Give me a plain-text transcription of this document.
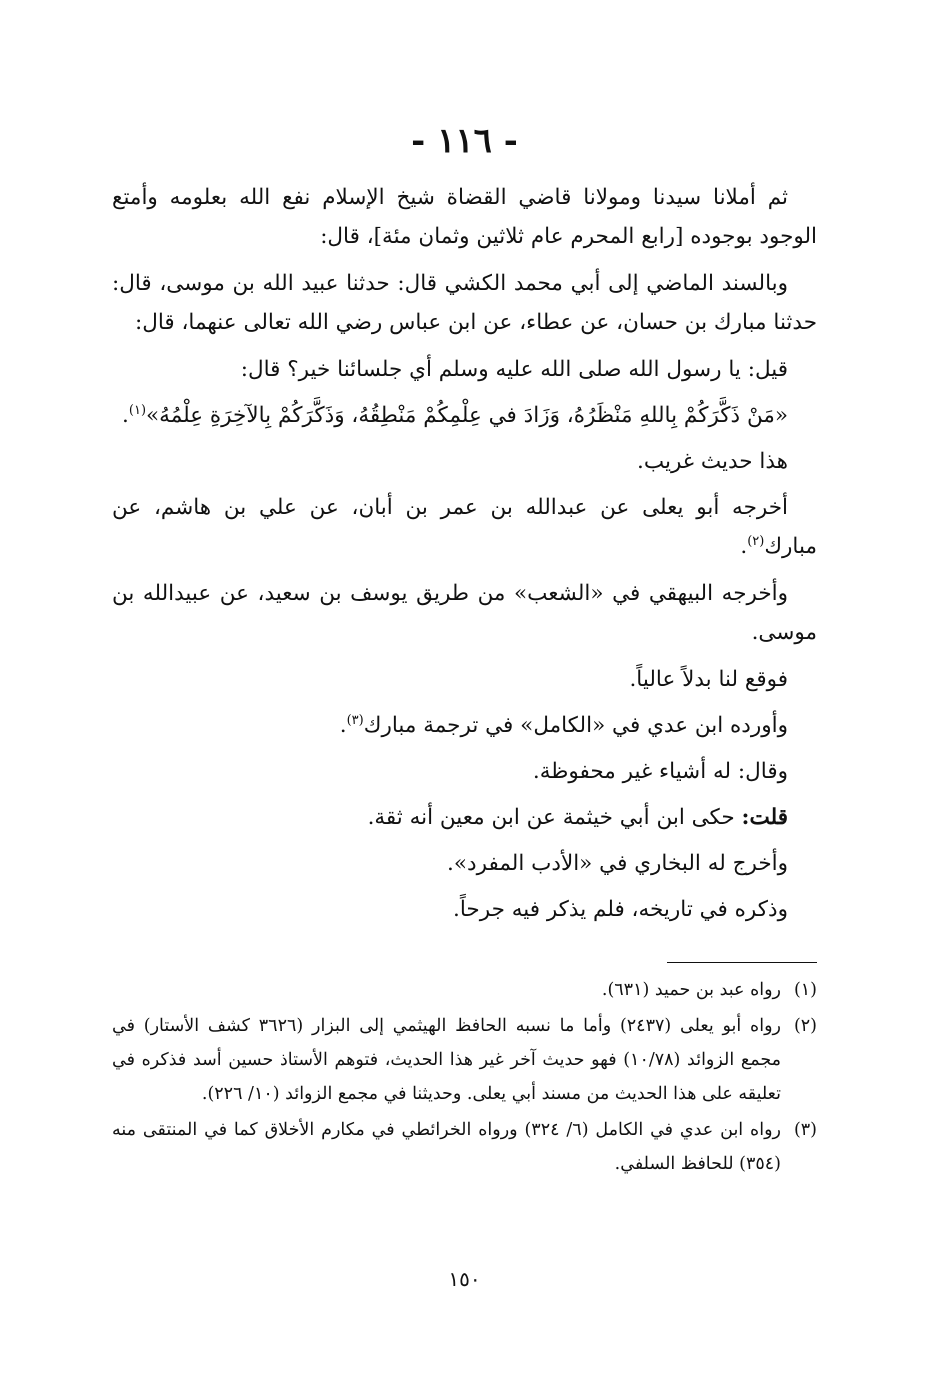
- ١١٦ -

ثم أملانا سيدنا ومولانا قاضي القضاة شيخ الإسلام نفع الله بعلومه وأمتع الوجود بوجوده [رابع المحرم عام ثلاثين وثمان مئة]، قال:

وبالسند الماضي إلى أبي محمد الكشي قال: حدثنا عبيد الله بن موسى، قال: حدثنا مبارك بن حسان، عن عطاء، عن ابن عباس رضي الله تعالى عنهما، قال:

قيل: يا رسول الله صلى الله عليه وسلم أي جلسائنا خير؟ قال:

«مَنْ ذَكَّرَكُمْ بِاللهِ مَنْظَرُهُ، وَزَادَ في عِلْمِكُمْ مَنْطِقُهُ، وَذَكَّرَكُمْ بِالآخِرَةِ عِلْمُهُ»$^{(١)}$.

هذا حديث غريب.

أخرجه أبو يعلى عن عبدالله بن عمر بن أبان، عن علي بن هاشم، عن مبارك$^{(٢)}$.

وأخرجه البيهقي في «الشعب» من طريق يوسف بن سعيد، عن عبيدالله بن موسى.

فوقع لنا بدلاً عالياً.

وأورده ابن عدي في «الكامل» في ترجمة مبارك$^{(٣)}$.

وقال: له أشياء غير محفوظة.

قلت: حكى ابن أبي خيثمة عن ابن معين أنه ثقة.

وأخرج له البخاري في «الأدب المفرد».

وذكره في تاريخه، فلم يذكر فيه جرحاً.

(١)
رواه عبد بن حميد (٦٣١).
(٢)
رواه أبو يعلى (٢٤٣٧) وأما ما نسبه الحافظ الهيثمي إلى البزار (٣٦٢٦ كشف الأستار) في مجمع الزوائد (١٠/٧٨) فهو حديث آخر غير هذا الحديث، فتوهم الأستاذ حسين أسد فذكره في تعليقه على هذا الحديث من مسند أبي يعلى. وحديثنا في مجمع الزوائد (١٠/ ٢٢٦).
(٣)
رواه ابن عدي في الكامل (٦/ ٣٢٤) ورواه الخرائطي في مكارم الأخلاق كما في المنتقى منه (٣٥٤) للحافظ السلفي.
١٥٠
